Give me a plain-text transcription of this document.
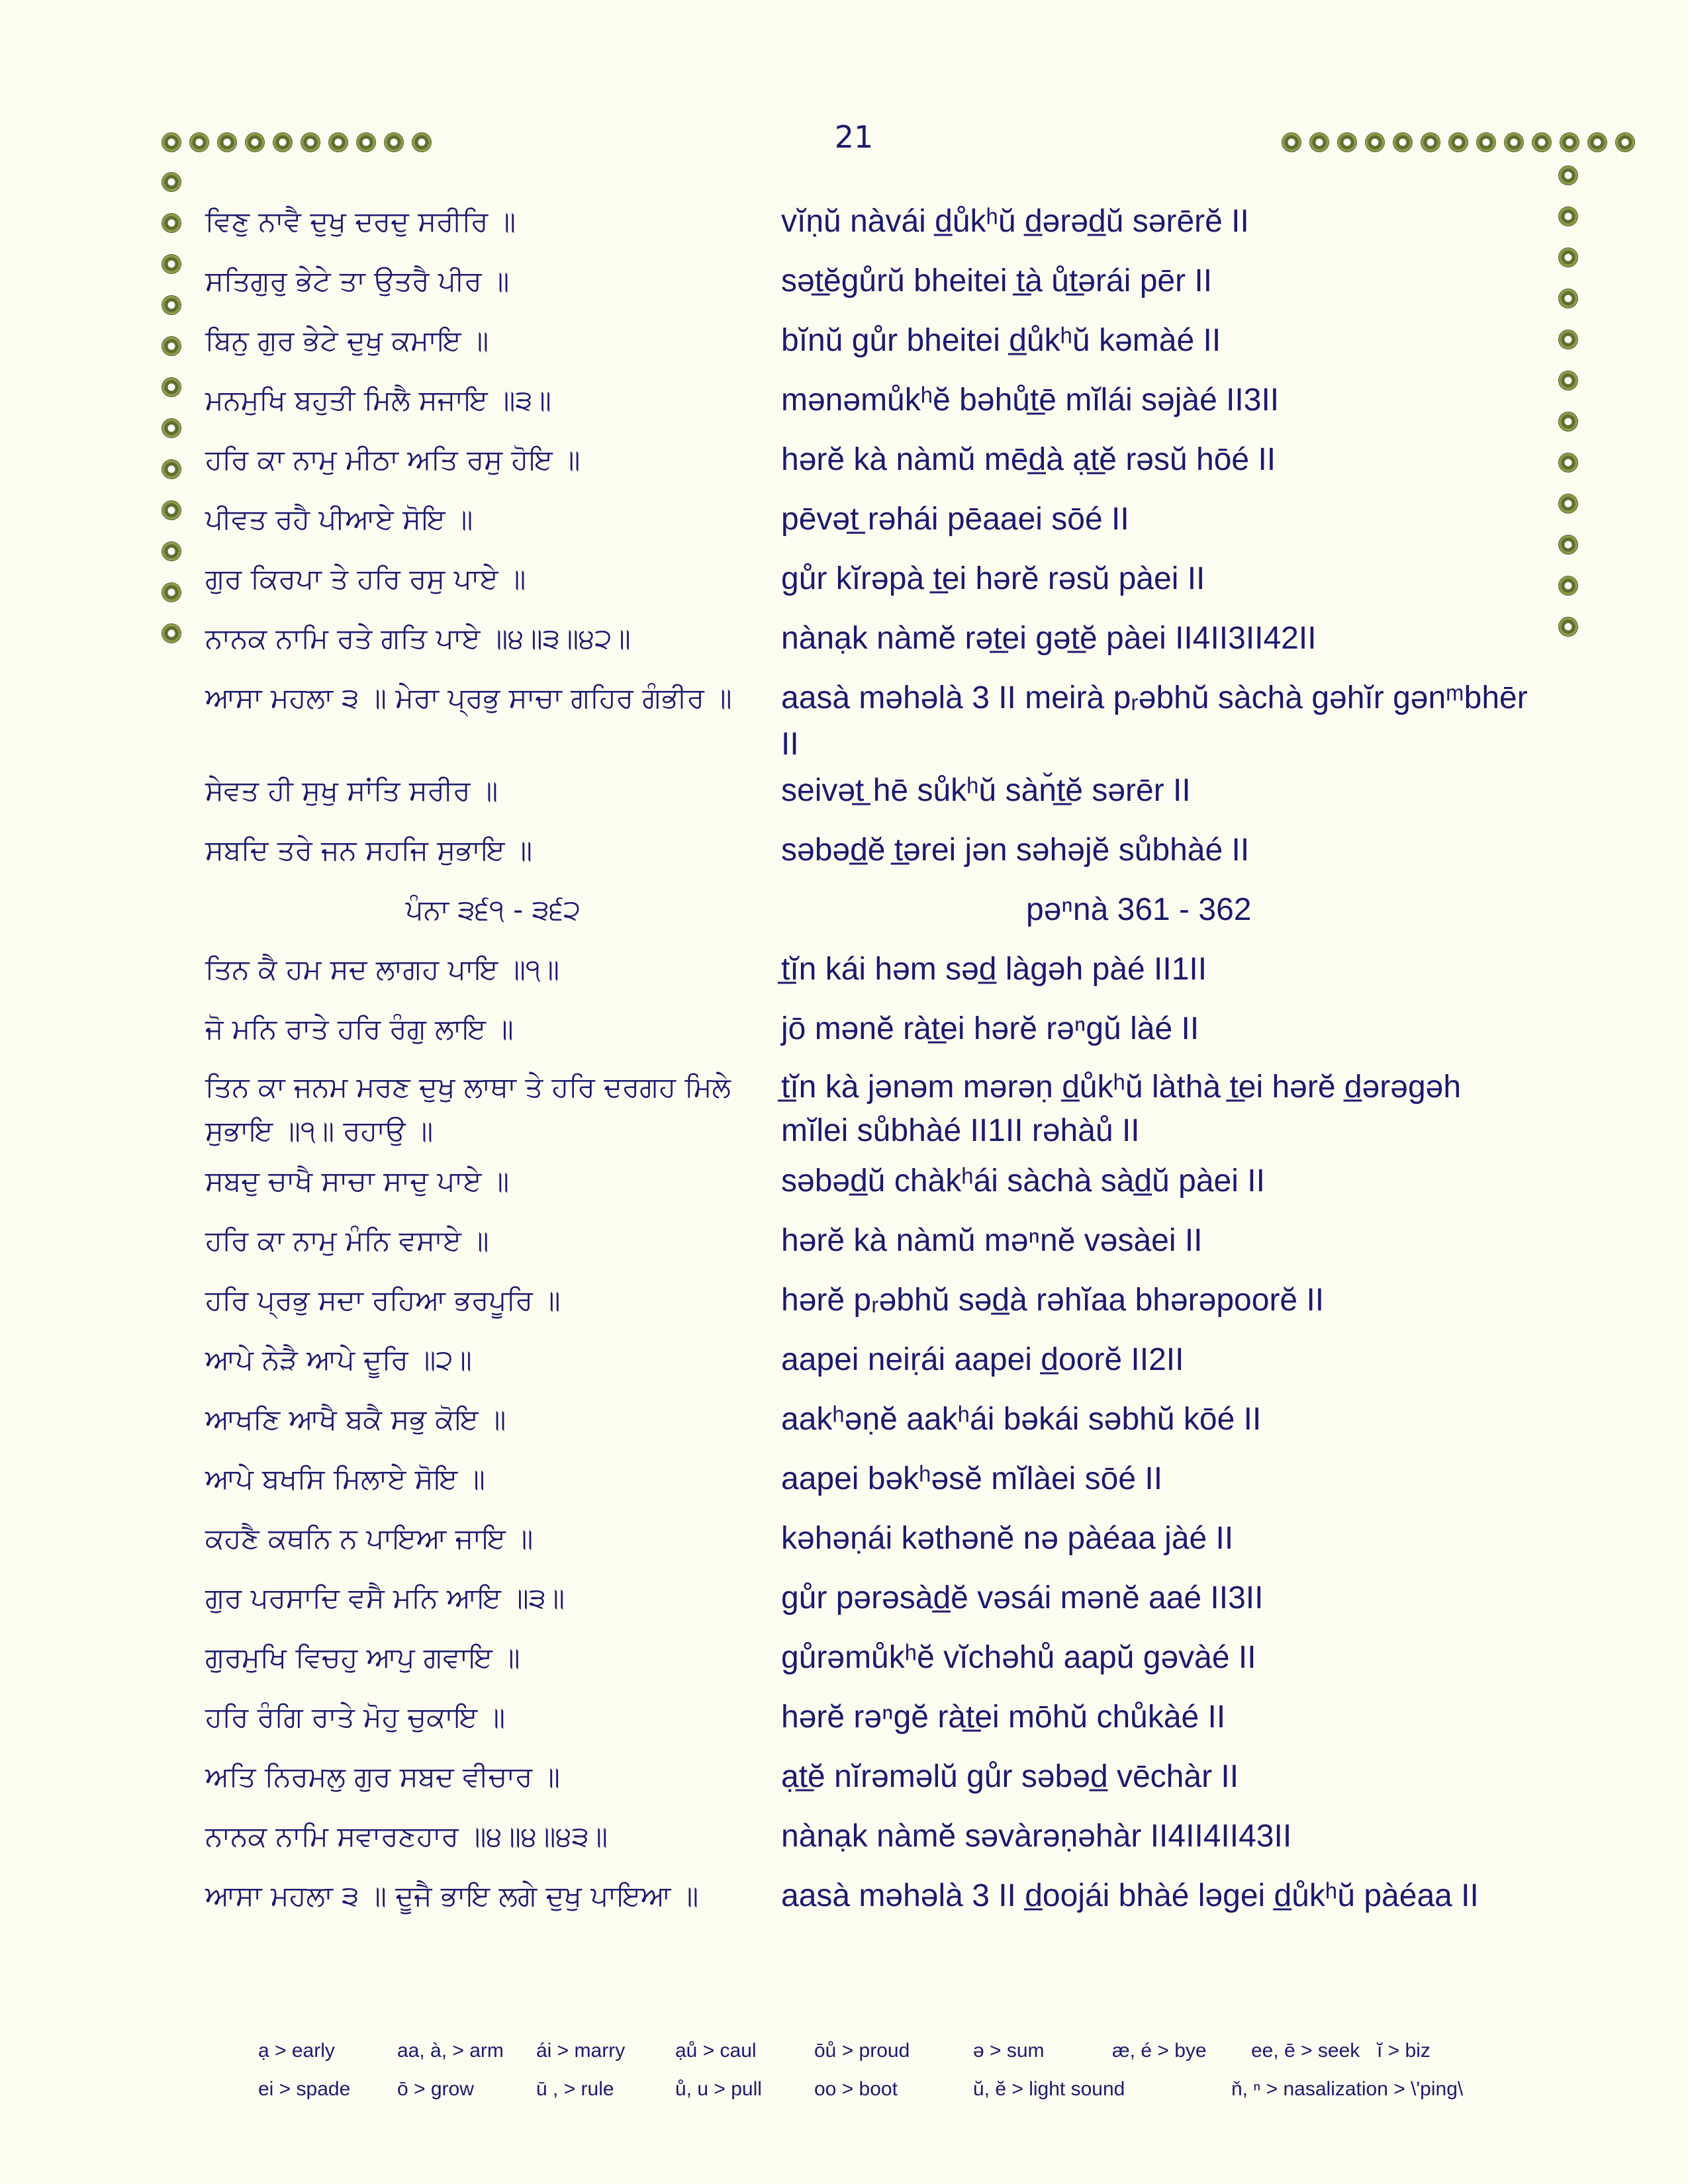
21
ਵਿਣੁ ਨਾਵੈ ਦੁਖੁ ਦਰਦੁ ਸਰੀਰਿ ॥	vĭṇŭ nàvái d̲ůkʰŭ d̲ərəd̲ŭ sərērĕ II
ਸਤਿਗੁਰੁ ਭੇਟੇ ਤਾ ਉਤਰੈ ਪੀਰ ॥	sət̲ĕgůrŭ bheitei t̲à ůt̲ərái pēr II
ਬਿਨੁ ਗੁਰ ਭੇਟੇ ਦੁਖੁ ਕਮਾਇ ॥	bĭnŭ gůr bheitei d̲ůkʰŭ kəmàé II
ਮਨਮੁਖਿ ਬਹੁਤੀ ਮਿਲੈ ਸਜਾਇ ॥੩॥	mənəmůkʰĕ bəhůt̲ē mĭlái səjàé II3II
ਹਰਿ ਕਾ ਨਾਮੁ ਮੀਠਾ ਅਤਿ ਰਸੁ ਹੋਇ ॥	hərĕ kà nàmŭ mēd̲à ạt̲ĕ rəsŭ hōé II
ਪੀਵਤ ਰਹੈ ਪੀਆਏ ਸੋਇ ॥	pēvət̲ rəhái pēaaei sōé II
ਗੁਰ ਕਿਰਪਾ ਤੇ ਹਰਿ ਰਸੁ ਪਾਏ ॥	gůr kĭrəpà t̲ei hərĕ rəsŭ pàei II
ਨਾਨਕ ਨਾਮਿ ਰਤੇ ਗਤਿ ਪਾਏ ॥੪॥੩॥੪੨॥	nànạk nàmĕ rət̲ei gət̲ĕ pàei II4II3II42II
ਆਸਾ ਮਹਲਾ ੩ ॥ ਮੇਰਾ ਪ੍ਰਭੁ ਸਾਚਾ ਗਹਿਰ ਗੰਭੀਰ ॥	aasà məhəlà 3 II meirà pᵣəbhŭ sàchà gəhĭr gənᵐbhēr II
ਸੇਵਤ ਹੀ ਸੁਖੁ ਸਾਂਤਿ ਸਰੀਰ ॥	seivət̲ hē sůkʰŭ sàn̆t̲ĕ sərēr II
ਸਬਦਿ ਤਰੇ ਜਨ ਸਹਜਿ ਸੁਭਾਇ ॥	səbəd̲ĕ t̲ərei jən səhəjĕ sůbhàé II
ਪੰਨਾ ੩੬੧ - ੩੬੨	pəⁿnà 361 - 362
ਤਿਨ ਕੈ ਹਮ ਸਦ ਲਾਗਹ ਪਾਇ ॥੧॥	t̲ĭn kái həm səd̲ làgəh pàé II1II
ਜੋ ਮਨਿ ਰਾਤੇ ਹਰਿ ਰੰਗੁ ਲਾਇ ॥	jō mənĕ ràt̲ei hərĕ rəⁿgŭ làé II
ਤਿਨ ਕਾ ਜਨਮ ਮਰਣ ਦੁਖੁ ਲਾਥਾ ਤੇ ਹਰਿ ਦਰਗਹ ਮਿਲੇ ਸੁਭਾਇ ॥੧॥ ਰਹਾਉ ॥
t̲ĭn kà jənəm mərəṇ d̲ůkʰŭ làthà t̲ei hərĕ d̲ərəgəh mĭlei sůbhàé II1II rəhàů II
ਸਬਦੁ ਚਾਖੈ ਸਾਚਾ ਸਾਦੁ ਪਾਏ ॥	səbəd̲ŭ chàkʰái sàchà sàd̲ŭ pàei II
ਹਰਿ ਕਾ ਨਾਮੁ ਮੰਨਿ ਵਸਾਏ ॥	hərĕ kà nàmŭ məⁿnĕ vəsàei II
ਹਰਿ ਪ੍ਰਭੁ ਸਦਾ ਰਹਿਆ ਭਰਪੂਰਿ ॥	hərĕ pᵣəbhŭ səd̲à rəhĭaa bhərəpoorĕ II
ਆਪੇ ਨੇੜੈ ਆਪੇ ਦੂਰਿ ॥੨॥	aapei neiṛái aapei d̲oorĕ II2II
ਆਖਣਿ ਆਖੈ ਬਕੈ ਸਭੁ ਕੋਇ ॥	aakʰəṇĕ aakʰái bəkái səbhŭ kōé II
ਆਪੇ ਬਖਸਿ ਮਿਲਾਏ ਸੋਇ ॥	aapei bəkʰəsĕ mĭlàei sōé II
ਕਹਣੈ ਕਥਨਿ ਨ ਪਾਇਆ ਜਾਇ ॥	kəhəṇái kəthənĕ nə pàéaa jàé II
ਗੁਰ ਪਰਸਾਦਿ ਵਸੈ ਮਨਿ ਆਇ ॥੩॥	gůr pərəsàd̲ĕ vəsái mənĕ aaé II3II
ਗੁਰਮੁਖਿ ਵਿਚਹੁ ਆਪੁ ਗਵਾਇ ॥	gůrəmůkʰĕ vĭchəhů aapŭ gəvàé II
ਹਰਿ ਰੰਗਿ ਰਾਤੇ ਮੋਹੁ ਚੁਕਾਇ ॥	hərĕ rəⁿgĕ ràt̲ei mōhŭ chůkàé II
ਅਤਿ ਨਿਰਮਲੁ ਗੁਰ ਸਬਦ ਵੀਚਾਰ ॥	ạt̲ĕ nĭrəməlŭ gůr səbəd̲ vēchàr II
ਨਾਨਕ ਨਾਮਿ ਸਵਾਰਣਹਾਰ ॥੪॥੪॥੪੩॥	nànạk nàmĕ səvàrəṇəhàr II4II4II43II
ਆਸਾ ਮਹਲਾ ੩ ॥ ਦੂਜੈ ਭਾਇ ਲਗੇ ਦੁਖੁ ਪਾਇਆ ॥	aasà məhəlà 3 II d̲oojái bhàé ləgei d̲ůkʰŭ pàéaa II
ạ > early	aa, à, > arm	ái > marry	ạů > caul	ōů > proud	ə > sum	æ, é > bye	ee, ē > seek ĭ > biz
ei > spade	ō > grow	ū , > rule	ů, u > pull	oo > boot	ŭ, ĕ > light sound	ň, ⁿ > nasalization > \'ping\
